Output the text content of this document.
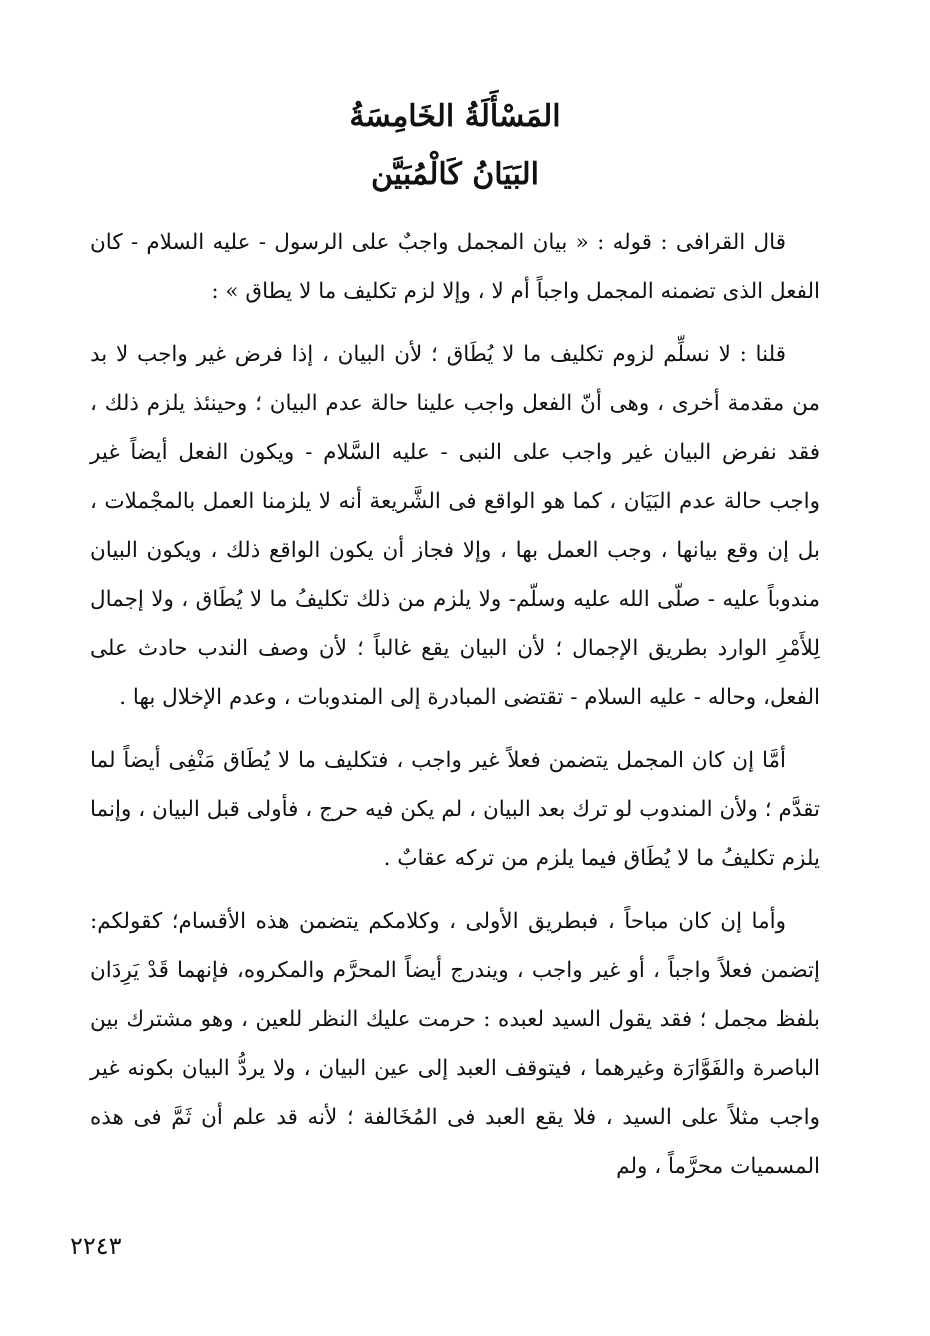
المَسْأَلَةُ الخَامِسَةُ
البَيَانُ كَالْمُبَيَّن

قال القرافى : قوله : « بيان المجمل واجبٌ على الرسول - عليه السلام - كان الفعل الذى تضمنه المجمل واجباً أم لا ، وإلا لزم تكليف ما لا يطاق » :

قلنا : لا نسلِّم لزوم تكليف ما لا يُطَاق ؛ لأن البيان ، إذا فرض غير واجب لا بد من مقدمة أخرى ، وهى أنّ الفعل واجب علينا حالة عدم البيان ؛ وحينئذ يلزم ذلك ، فقد نفرض البيان غير واجب على النبى - عليه السَّلام - ويكون الفعل أيضاً غير واجب حالة عدم البَيَان ، كما هو الواقع فى الشَّريعة أنه لا يلزمنا العمل بالمجْملات ، بل إن وقع بيانها ، وجب العمل بها ، وإلا فجاز أن يكون الواقع ذلك ، ويكون البيان مندوباً عليه - صلّى الله عليه وسلّم- ولا يلزم من ذلك تكليفُ ما لا يُطَاق ، ولا إجمال لِلأَمْرِ الوارد بطريق الإجمال ؛ لأن البيان يقع غالباً ؛ لأن وصف الندب حادث على الفعل، وحاله - عليه السلام - تقتضى المبادرة إلى المندوبات ، وعدم الإخلال بها .

أمَّا إن كان المجمل يتضمن فعلاً غير واجب ، فتكليف ما لا يُطَاق مَنْفِى أيضاً لما تقدَّم ؛ ولأن المندوب لو ترك بعد البيان ، لم يكن فيه حرج ، فأولى قبل البيان ، وإنما يلزم تكليفُ ما لا يُطَاق فيما يلزم من تركه عقابٌ .

وأما إن كان مباحاً ، فبطريق الأولى ، وكلامكم يتضمن هذه الأقسام؛ كقولكم: إتضمن فعلاً واجباً ، أو غير واجب ، ويندرج أيضاً المحرَّم والمكروه، فإنهما قَدْ يَرِدَان بلفظ مجمل ؛ فقد يقول السيد لعبده : حرمت عليك النظر للعين ، وهو مشترك بين الباصرة والفَوَّارَة وغيرهما ، فيتوقف العبد إلى عين البيان ، ولا يردُّ البيان بكونه غير واجب مثلاً على السيد ، فلا يقع العبد فى المُخَالفة ؛ لأنه قد علم أن ثَمَّ فى هذه المسميات محرَّماً ، ولم

٢٢٤٣
